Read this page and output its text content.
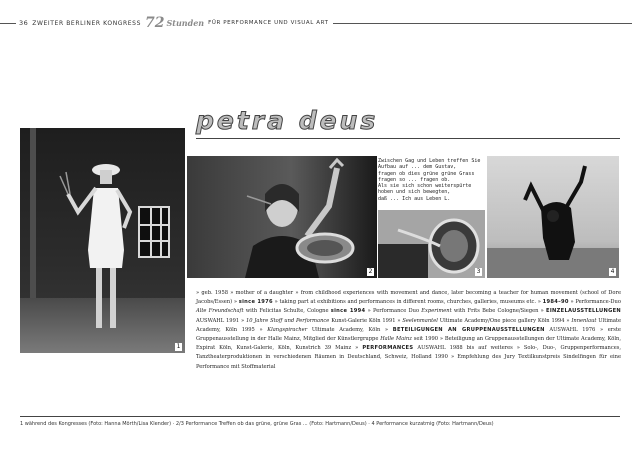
36 ZWEITER BERLINER KONGRESS 72 Stunden FÜR PERFORMANCE UND VISUAL ART
petra deus
1
2
Zwischen Gag und Leben treffen Sie
Aufbau auf ... dem Gustav,
fragen ob dies grüne grüne Grass
fragen so ... fragen ob.
Als sie sich schon weiterspürte
hoben und sich bewegten,
daß ... Ich aus Leben L.
3	4
» geb. 1958 » mother of a daughter » from childhood experiences with movement and dance, later becoming a teacher for human movement (school of Dore Jacobs/Essen) » since 1976 » taking part at exhibitions and performances in different rooms, churches, galleries, museums etc. » 1984–90 » Performance-Duo Alte Freundschaft with Felicitas Schulte, Cologne since 1994 » Performance Duo Experiment with Frits Bebe Cologne/Siegen » EINZELAUSSTELLUNGEN AUSWAHL 1991 » 10 Jahre Stoff und Performance Kunst-Galerie Köln 1991 » Seelenmantel Ultimate Academy/One piece gallery Köln 1994 » Innenlaut Ultimate Academy, Köln 1995 » Klangspiracher Ultimate Academy, Köln » BETEILIGUNGEN AN GRUPPENAUSSTELLUNGEN AUSWAHL 1976 » erste Gruppenausstellung in der Halle Mainz, Mitglied der Künstlergruppe Halle Mainz seit 1990 » Beteiligung an Gruppenausstellungen der Ultimate Academy, Köln, Expirat Köln, Kunst-Galerie, Köln, Kunstrich 39 Mainz » PERFORMANCES AUSWAHL 1988 bis auf weiteres » Solo-, Duo-, Gruppenperformances, Tanztheaterproduktionen in verschiedenen Räumen in Deutschland, Schweiz, Holland 1990 » Empfehlung des Jury Textilkunstpreis Sindelfingen für eine Performance mit Stoffmaterial
1 während des Kongresses (Foto: Hanna Mörth/Lisa Klender) · 2/3 Performance Treffen ob das grüne, grüne Gras ... (Foto: Hartmann/Deus) · 4 Performance kurzatmig (Foto: Hartmann/Deus)
